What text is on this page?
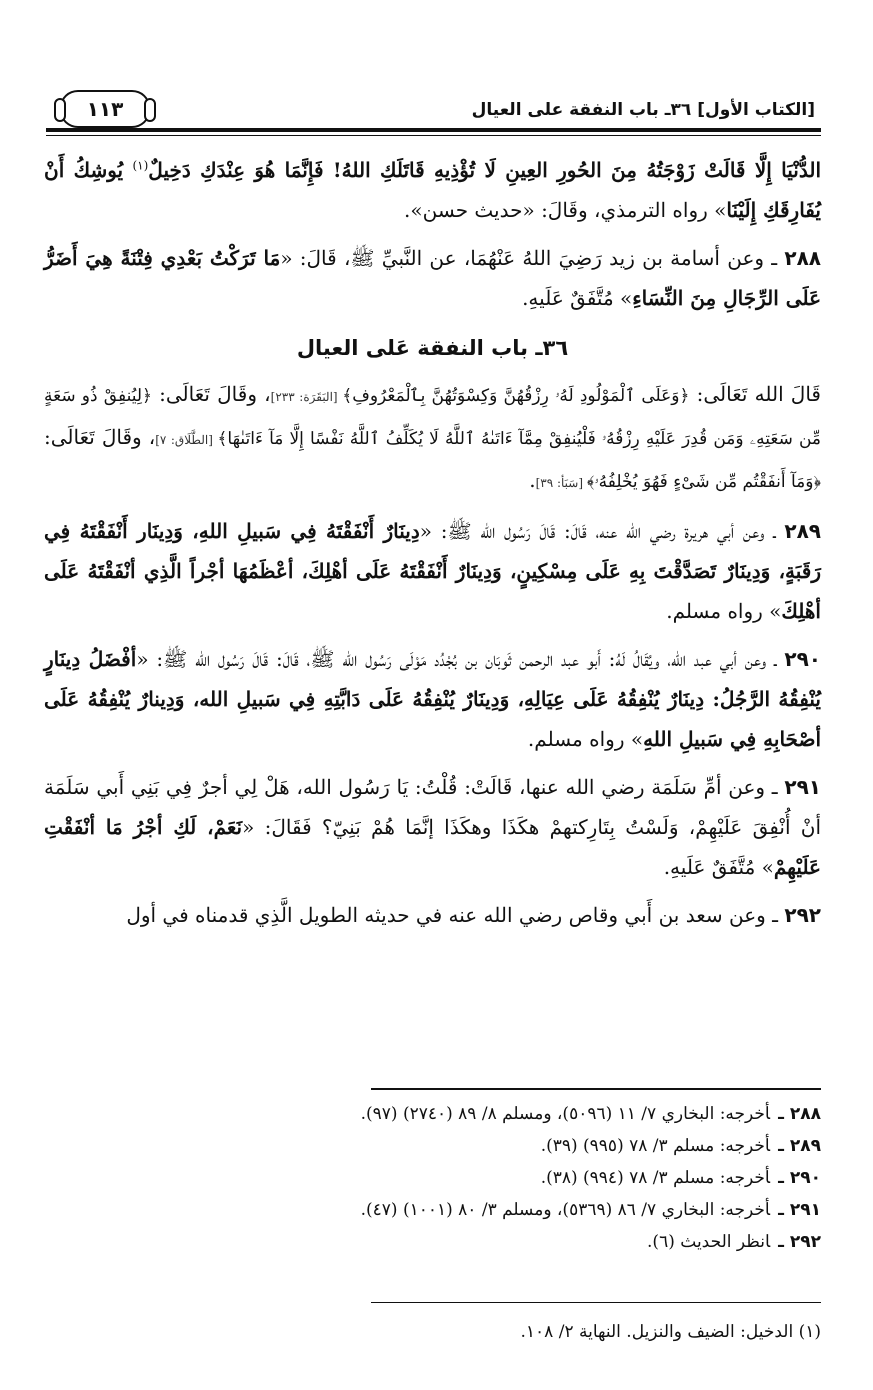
[الكتاب الأول] ٣٦ـ باب النفقة على العيال
١١٣

الدُّنْيَا إِلَّا قَالَتْ زَوْجَتُهُ مِنَ الحُورِ العِينِ لَا تُؤْذِيهِ قَاتَلَكِ اللهُ! فَإِنَّمَا هُوَ عِنْدَكِ دَخِيلٌ$^{(١)}$ يُوشِكُ أَنْ يُفَارِقَكِ إِلَيْنَا» رواه الترمذي، وقَالَ: «حديث حسن».

٢٨٨ ـ وعن أسامة بن زيد رَضِيَ اللهُ عَنْهُمَا، عن النَّبيِّ ﷺ، قَالَ: «مَا تَرَكْتُ بَعْدِي فِتْنَةً هِيَ أَضَرُّ عَلَى الرِّجَالِ مِنَ النِّسَاءِ» مُتَّفَقٌ عَلَيهِ.

٣٦ـ باب النفقة عَلى العيال

قَالَ الله تَعَالَى: ﴿وَعَلَى ٱلْمَوْلُودِ لَهُۥ رِزْقُهُنَّ وَكِسْوَتُهُنَّ بِٱلْمَعْرُوفِ﴾ [البَقَرَة: ٢٣٣]، وقَالَ تَعَالَى: ﴿لِيُنفِقْ ذُو سَعَةٍ مِّن سَعَتِهِۦ وَمَن قُدِرَ عَلَيْهِ رِزْقُهُۥ فَلْيُنفِقْ مِمَّآ ءَاتَىٰهُ ٱللَّهُ لَا يُكَلِّفُ ٱللَّهُ نَفْسًا إِلَّا مَآ ءَاتَىٰهَا﴾ [الطَّلَاق: ٧]، وقَالَ تَعَالَى: ﴿وَمَآ أَنفَقْتُم مِّن شَىْءٍ فَهُوَ يُخْلِفُهُۥ﴾ [سَبَأ: ٣٩].

٢٨٩ ـ وعن أبي هريرة رضي الله عنه، قَالَ: قَالَ رَسُول الله ﷺ: «دِينَارٌ أَنْفَقْتَهُ فِي سَبيلِ اللهِ، وَدِينَار أَنْفَقْتَهُ فِي رَقَبَةٍ، وَدِينَارٌ تَصَدَّقْتَ بِهِ عَلَى مِسْكِينٍ، وَدِينَارٌ أَنْفَقْتَهُ عَلَى أهْلِكَ، أعْظَمُهَا أجْراً الَّذِي أنْفَقْتَهُ عَلَى أهْلِكَ» رواه مسلم.

٢٩٠ ـ وعن أبي عبد الله، ويُقَالُ لَهُ: أَبو عبد الرحمن ثَوبَان بن بُجْدُد مَوْلَى رَسُول الله ﷺ، قَالَ: قَالَ رَسُول الله ﷺ: «أفْضَلُ دِينَارٍ يُنْفِقُهُ الرَّجُلُ: دِينَارٌ يُنْفِقُهُ عَلَى عِيَالِهِ، وَدِينَارٌ يُنْفِقُهُ عَلَى دَابَّتِهِ فِي سَبيلِ الله، وَدِينارٌ يُنْفِقُهُ عَلَى أصْحَابِهِ فِي سَبيلِ اللهِ» رواه مسلم.

٢٩١ ـ وعن أمِّ سَلَمَة رضي الله عنها، قَالَتْ: قُلْتُ: يَا رَسُول الله، هَلْ لِي أجرٌ فِي بَنِي أَبي سَلَمَة أنْ أُنْفِقَ عَلَيْهِمْ، وَلَسْتُ بِتَارِكتهمْ هكَذَا وهكَذَا إنَّمَا هُمْ بَنِيّ؟ فَقَالَ: «نَعَمْ، لَكِ أجْرُ مَا أنْفَقْتِ عَلَيْهِمْ» مُتَّفَقٌ عَلَيهِ.

٢٩٢ ـ وعن سعد بن أَبي وقاص رضي الله عنه في حديثه الطويل الَّذِي قدمناه في أول

٢٨٨ ـأخرجه: البخاري ٧/ ١١ (٥٠٩٦)، ومسلم ٨/ ٨٩ (٢٧٤٠) (٩٧).

٢٨٩ ـأخرجه: مسلم ٣/ ٧٨ (٩٩٥) (٣٩).

٢٩٠ ـأخرجه: مسلم ٣/ ٧٨ (٩٩٤) (٣٨).

٢٩١ ـأخرجه: البخاري ٧/ ٨٦ (٥٣٦٩)، ومسلم ٣/ ٨٠ (١٠٠١) (٤٧).

٢٩٢ ـانظر الحديث (٦).

(١) الدخيل: الضيف والنزيل. النهاية ٢/ ١٠٨.
